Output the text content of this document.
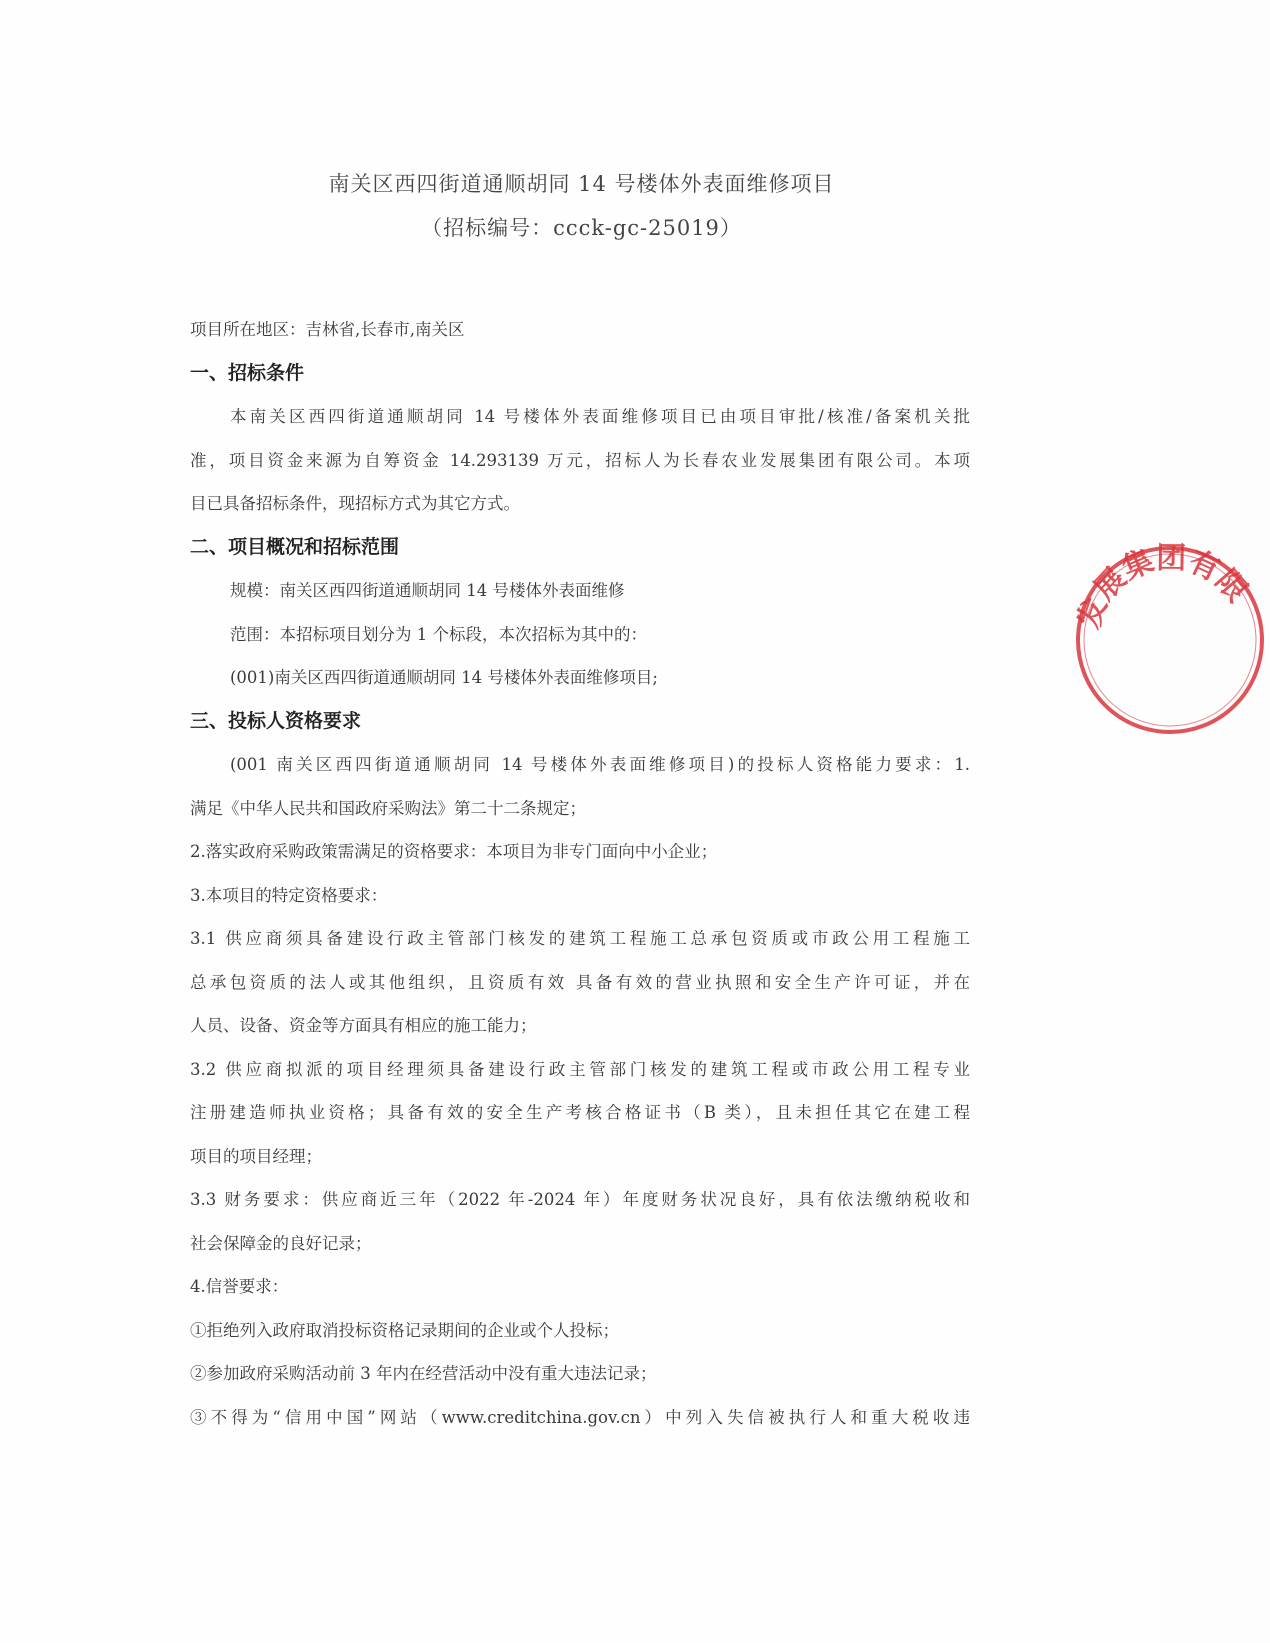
南关区西四街道通顺胡同 14 号楼体外表面维修项目
（招标编号：ccck-gc-25019）
项目所在地区：吉林省,长春市,南关区
一、招标条件
本南关区西四街道通顺胡同 14 号楼体外表面维修项目已由项目审批/核准/备案机关批
准，项目资金来源为自筹资金 14.293139 万元，招标人为长春农业发展集团有限公司。本项
目已具备招标条件，现招标方式为其它方式。
二、项目概况和招标范围
规模：南关区西四街道通顺胡同 14 号楼体外表面维修
范围：本招标项目划分为 1 个标段，本次招标为其中的：
(001)南关区西四街道通顺胡同 14 号楼体外表面维修项目;
三、投标人资格要求
(001 南关区西四街道通顺胡同 14 号楼体外表面维修项目)的投标人资格能力要求：1.
满足《中华人民共和国政府采购法》第二十二条规定；
2.落实政府采购政策需满足的资格要求：本项目为非专门面向中小企业；
3.本项目的特定资格要求：
3.1 供应商须具备建设行政主管部门核发的建筑工程施工总承包资质或市政公用工程施工
总承包资质的法人或其他组织，且资质有效 具备有效的营业执照和安全生产许可证，并在
人员、设备、资金等方面具有相应的施工能力；
3.2 供应商拟派的项目经理须具备建设行政主管部门核发的建筑工程或市政公用工程专业
注册建造师执业资格；具备有效的安全生产考核合格证书（B 类），且未担任其它在建工程
项目的项目经理；
3.3 财务要求：供应商近三年（2022 年-2024 年）年度财务状况良好，具有依法缴纳税收和
社会保障金的良好记录；
4.信誉要求：
①拒绝列入政府取消投标资格记录期间的企业或个人投标；
②参加政府采购活动前 3 年内在经营活动中没有重大违法记录；
③不得为“信用中国”网站（www.creditchina.gov.cn）中列入失信被执行人和重大税收违
发展集团有限
